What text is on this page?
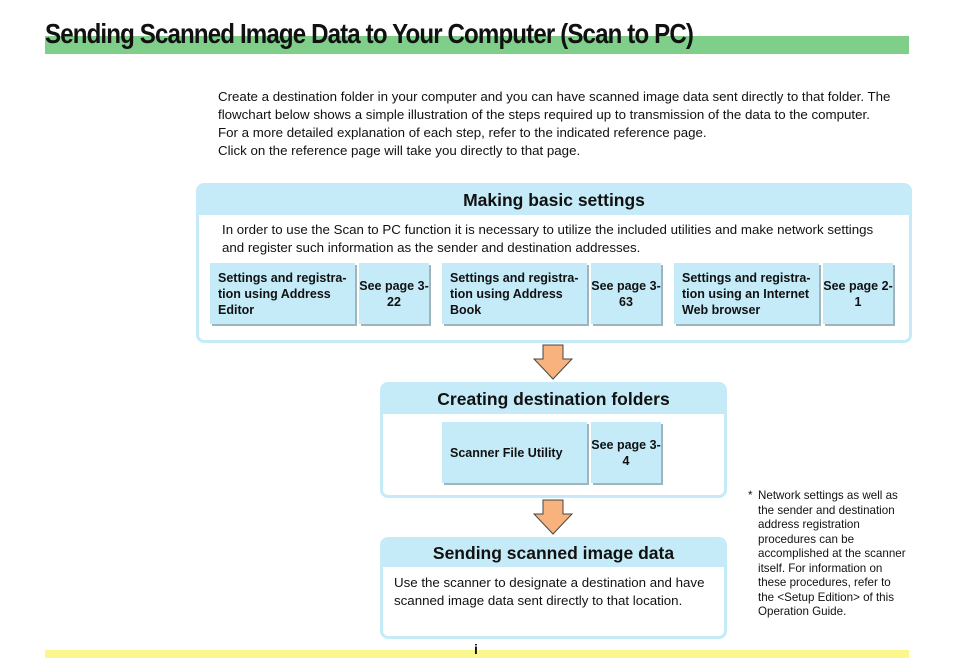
Sending Scanned Image Data to Your Computer (Scan to PC)

Create a destination folder in your computer and you can have scanned image data sent directly to that folder. The flowchart below shows a simple illustration of the steps required up to transmission of the data to the computer.

For a more detailed explanation of each step, refer to the indicated reference page.

Click on the reference page will take you directly to that page.

Making basic settings
In order to use the Scan to PC function it is necessary to utilize the included utilities and make network settings and register such information as the sender and destination addresses.
Settings and registra-tion using Address Editor
See page 3-22
Settings and registra-tion using Address Book
See page 3-63
Settings and registra-tion using an Internet Web browser
See page 2-1
Creating destination folders
Scanner File Utility
See page 3-4
Sending scanned image data
Use the scanner to designate a destination and have scanned image data sent directly to that location.
* Network settings as well as the sender and destination address registration procedures can be accomplished at the scanner itself. For information on these procedures, refer to the <Setup Edition> of this Operation Guide.
i
